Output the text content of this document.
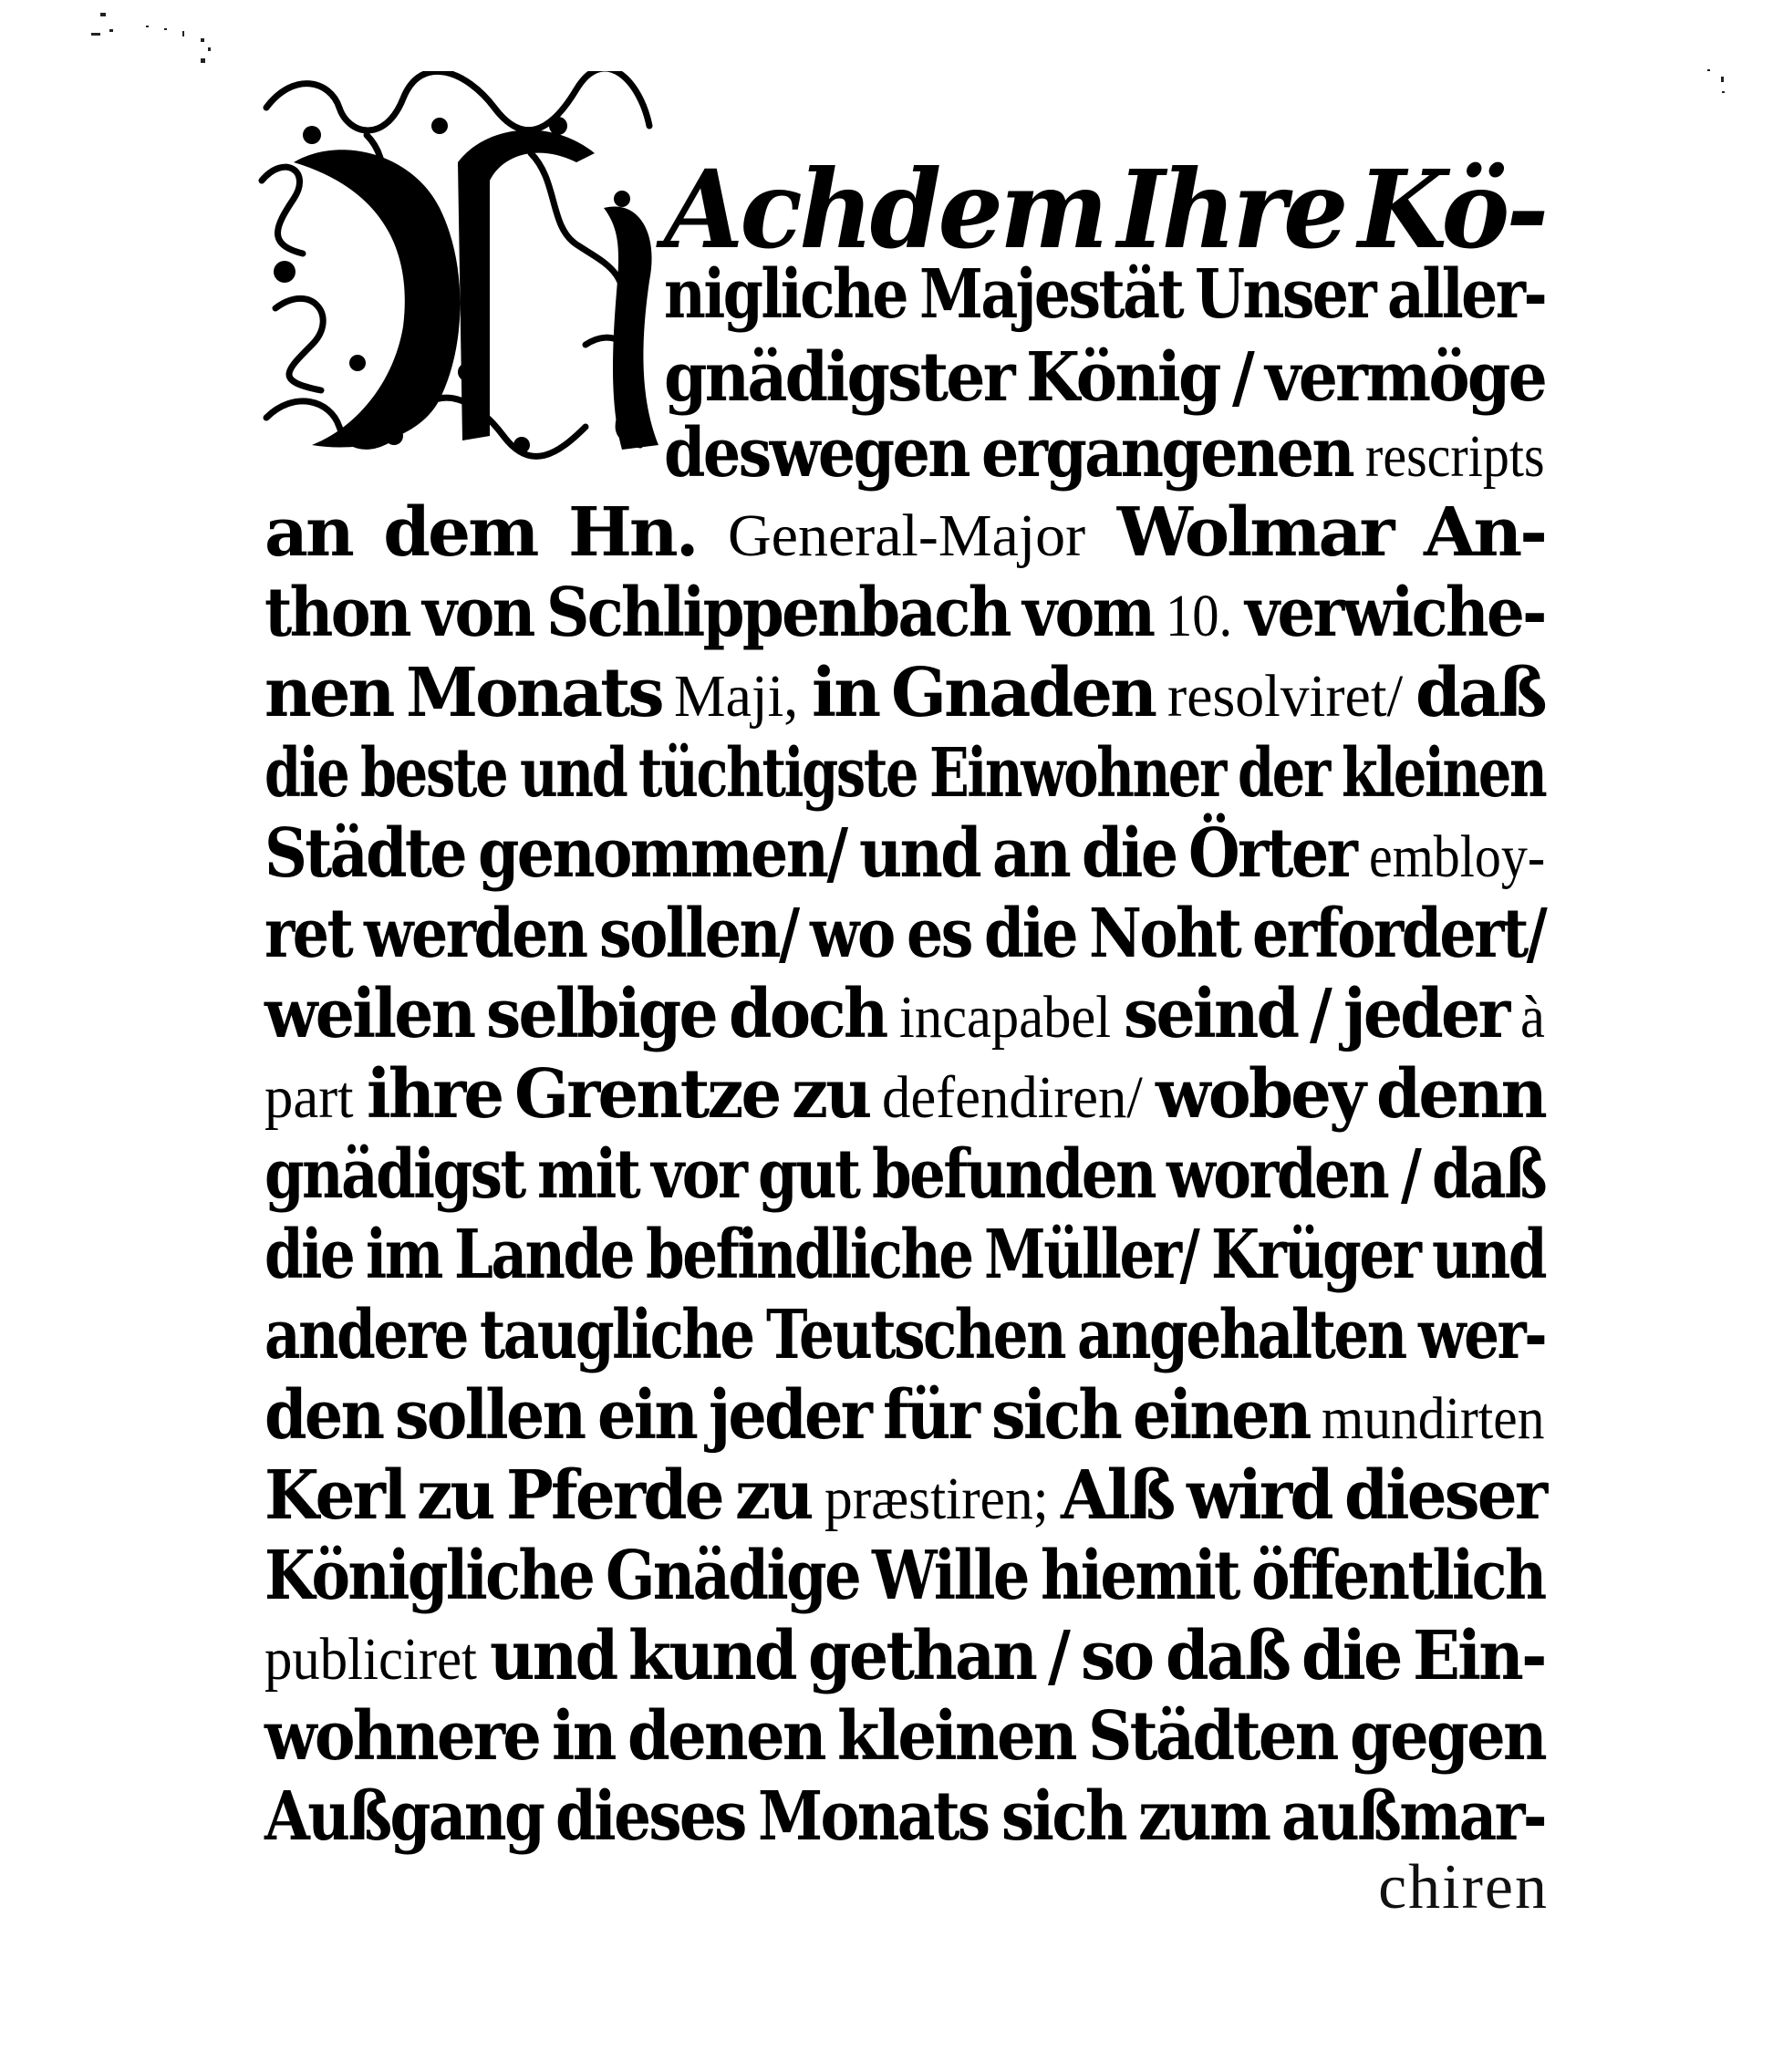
Achdem Ihre Kö-
nigliche Majestät Unser aller-
gnädigster König / vermöge
deswegen ergangenen rescripts
an dem Hn. General-Major Wolmar An-
thon von Schlippenbach vom 10. verwiche-
nen Monats Maji, in Gnaden resolviret/ daß
die beste und tüchtigste Einwohner der kleinen
Städte genommen/ und an die Örter embloy-
ret werden sollen/ wo es die Noht erfordert/
weilen selbige doch incapabel seind / jeder à
part ihre Grentze zu defendiren/ wobey denn
gnädigst mit vor gut befunden worden / daß
die im Lande befindliche Müller/ Krüger und
andere taugliche Teutschen angehalten wer-
den sollen ein jeder für sich einen mundirten
Kerl zu Pferde zu præstiren; Alß wird dieser
Königliche Gnädige Wille hiemit öffentlich
publiciret und kund gethan / so daß die Ein-
wohnere in denen kleinen Städten gegen
Außgang dieses Monats sich zum außmar-
chiren
